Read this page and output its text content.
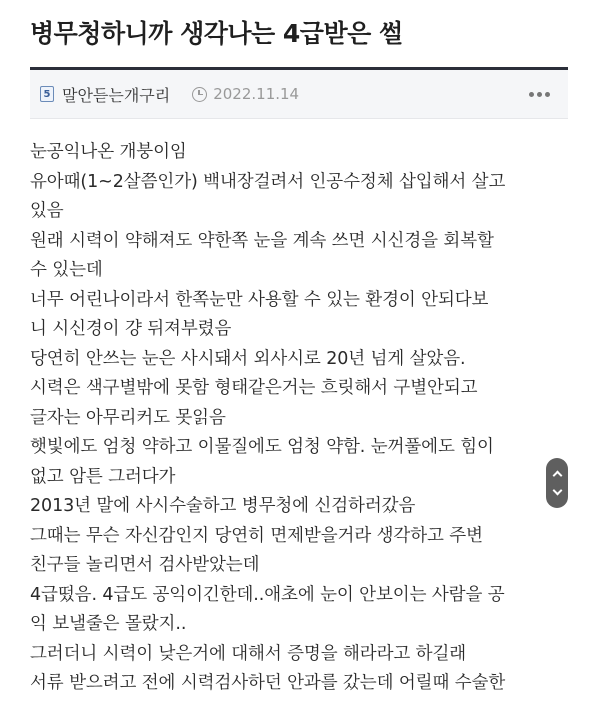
병무청하니까 생각나는 4급받은 썰
5 말안듣는개구리	2022.11.14
눈공익나온 개붕이임
유아때(1~2살쯤인가) 백내장걸려서 인공수정체 삽입해서 살고
있음
원래 시력이 약해져도 약한쪽 눈을 계속 쓰면 시신경을 회복할
수 있는데
너무 어린나이라서 한쪽눈만 사용할 수 있는 환경이 안되다보
니 시신경이 걍 뒤져부렸음
당연히 안쓰는 눈은 사시돼서 외사시로 20년 넘게 살았음.
시력은 색구별밖에 못함 형태같은거는 흐릿해서 구별안되고
글자는 아무리커도 못읽음
햇빛에도 엄청 약하고 이물질에도 엄청 약함. 눈꺼풀에도 힘이
없고 암튼 그러다가
2013년 말에 사시수술하고 병무청에 신검하러갔음
그때는 무슨 자신감인지 당연히 면제받을거라 생각하고 주변
친구들 놀리면서 검사받았는데
4급떴음. 4급도 공익이긴한데..애초에 눈이 안보이는 사람을 공
익 보낼줄은 몰랐지..
그러더니 시력이 낮은거에 대해서 증명을 해라라고 하길래
서류 받으려고 전에 시력검사하던 안과를 갔는데 어릴때 수술한
